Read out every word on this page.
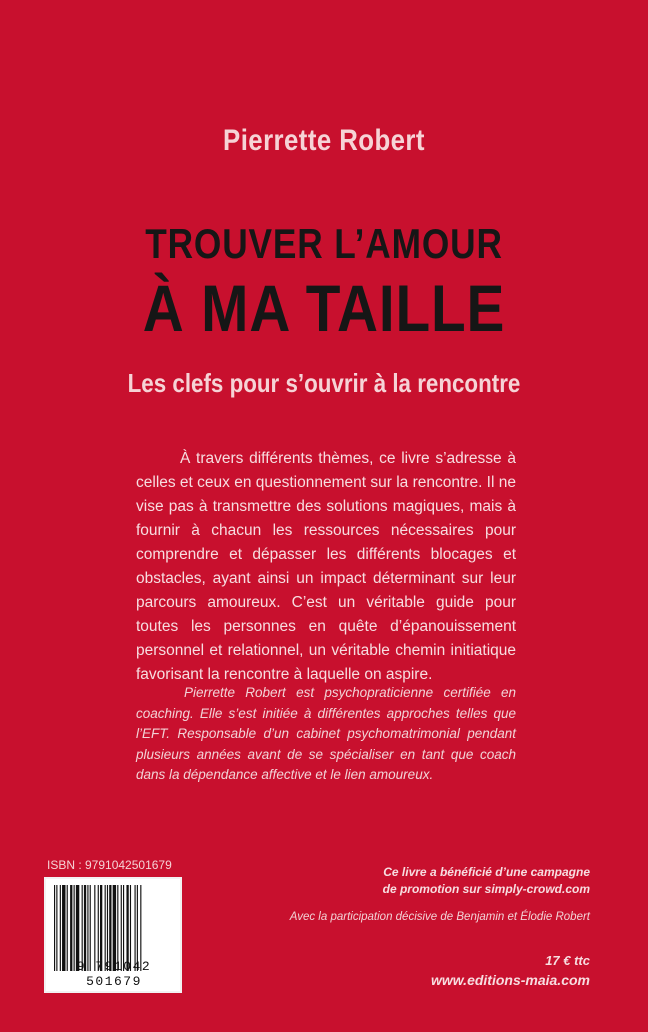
Pierrette Robert
TROUVER L’AMOUR
À MA TAILLE
Les clefs pour s’ouvrir à la rencontre

À travers différents thèmes, ce livre s’adresse à celles et ceux en questionnement sur la rencontre. Il ne vise pas à transmettre des solutions magiques, mais à fournir à chacun les ressources nécessaires pour comprendre et dépasser les différents blocages et obstacles, ayant ainsi un impact déterminant sur leur parcours amoureux. C’est un véritable guide pour toutes les personnes en quête d’épanouissement personnel et relationnel, un véritable chemin initiatique favorisant la rencontre à laquelle on aspire.

Pierrette Robert est psychopraticienne certifiée en coaching. Elle s’est initiée à différentes approches telles que l’EFT. Responsable d’un cabinet psychomatrimonial pendant plusieurs années avant de se spécialiser en tant que coach dans la dépendance affective et le lien amoureux.

ISBN : 9791042501679
9 791042 501679
Ce livre a bénéficié d’une campagne
de promotion sur simply-crowd.com
Avec la participation décisive de Benjamin et Élodie Robert
17 € ttc
www.editions-maia.com
